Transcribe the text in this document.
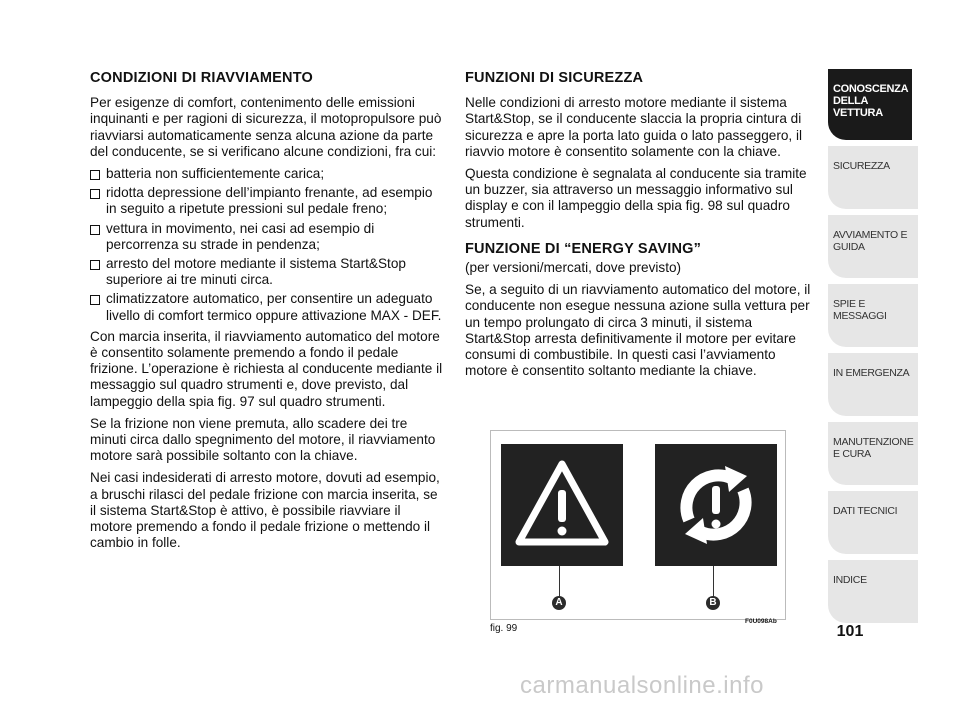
CONDIZIONI DI RIAVVIAMENTO

Per esigenze di comfort, contenimento delle emissioni inquinanti e per ragioni di sicurezza, il motopropulsore può riavviarsi automaticamente senza alcuna azione da parte del conducente, se si verificano alcune condizioni, fra cui:

batteria non sufficientemente carica;
ridotta depressione dell’impianto frenante, ad esempio in seguito a ripetute pressioni sul pedale freno;
vettura in movimento, nei casi ad esempio di percorrenza su strade in pendenza;
arresto del motore mediante il sistema Start&Stop superiore ai tre minuti circa.
climatizzatore automatico, per consentire un adeguato livello di comfort termico oppure attivazione MAX - DEF.

Con marcia inserita, il riavviamento automatico del motore è consentito solamente premendo a fondo il pedale frizione. L’operazione è richiesta al conducente mediante il messaggio sul quadro strumenti e, dove previsto, dal lampeggio della spia fig. 97 sul quadro strumenti.

Se la frizione non viene premuta, allo scadere dei tre minuti circa dallo spegnimento del motore, il riavviamento motore sarà possibile soltanto con la chiave.

Nei casi indesiderati di arresto motore, dovuti ad esempio, a bruschi rilasci del pedale frizione con marcia inserita, se il sistema Start&Stop è attivo, è possibile riavviare il motore premendo a fondo il pedale frizione o mettendo il cambio in folle.

FUNZIONI DI SICUREZZA

Nelle condizioni di arresto motore mediante il sistema Start&Stop, se il conducente slaccia la propria cintura di sicurezza e apre la porta lato guida o lato passeggero, il riavvio motore è consentito solamente con la chiave.

Questa condizione è segnalata al conducente sia tramite un buzzer, sia attraverso un messaggio informativo sul display e con il lampeggio della spia fig. 98 sul quadro strumenti.

FUNZIONE DI “ENERGY SAVING”

(per versioni/mercati, dove previsto)

Se, a seguito di un riavviamento automatico del motore, il conducente non esegue nessuna azione sulla vettura per un tempo prolungato di circa 3 minuti, il sistema Start&Stop arresta definitivamente il motore per evitare consumi di combustibile. In questi casi l’avviamento motore è consentito soltanto mediante la chiave.

A	B
fig. 99
F0U098Ab
CONOSCENZA DELLA VETTURA
SICUREZZA
AVVIAMENTO E GUIDA
SPIE E MESSAGGI
IN EMERGENZA
MANUTENZIONE E CURA
DATI TECNICI
INDICE
101
carmanualsonline.info
